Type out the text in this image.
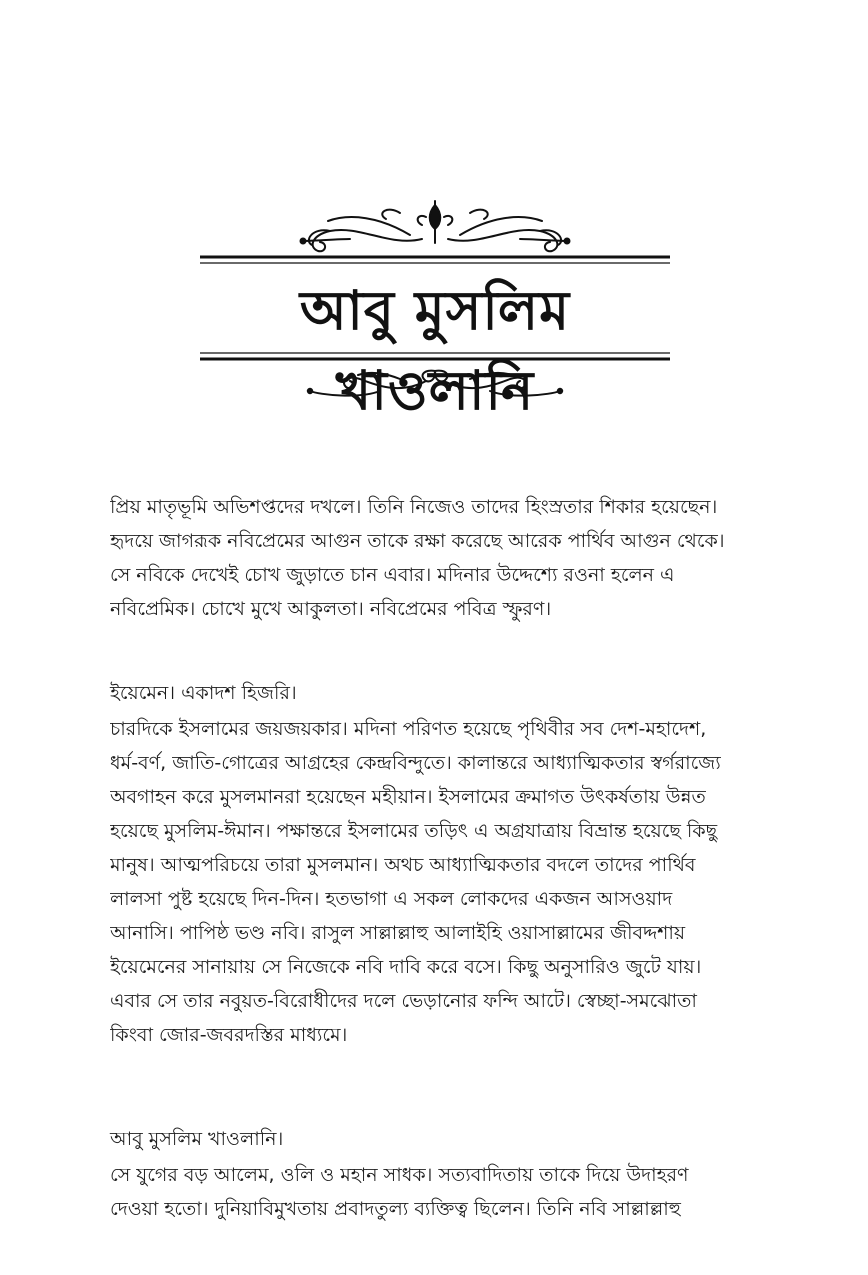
আবু মুসলিম খাওলানি
প্রিয় মাতৃভূমি অভিশপ্তদের দখলে। তিনি নিজেও তাদের হিংস্রতার শিকার হয়েছেন।
হৃদয়ে জাগরূক নবিপ্রেমের আগুন তাকে রক্ষা করেছে আরেক পার্থিব আগুন থেকে।
সে নবিকে দেখেই চোখ জুড়াতে চান এবার। মদিনার উদ্দেশ্যে রওনা হলেন এ
নবিপ্রেমিক। চোখে মুখে আকুলতা। নবিপ্রেমের পবিত্র স্ফুরণ।
ইয়েমেন। একাদশ হিজরি।
চারদিকে ইসলামের জয়জয়কার। মদিনা পরিণত হয়েছে পৃথিবীর সব দেশ-মহাদেশ,
ধর্ম-বর্ণ, জাতি-গোত্রের আগ্রহের কেন্দ্রবিন্দুতে। কালান্তরে আধ্যাত্মিকতার স্বর্গরাজ্যে
অবগাহন করে মুসলমানরা হয়েছেন মহীয়ান। ইসলামের ক্রমাগত উৎকর্ষতায় উন্নত
হয়েছে মুসলিম-ঈমান। পক্ষান্তরে ইসলামের তড়িৎ এ অগ্রযাত্রায় বিভ্রান্ত হয়েছে কিছু
মানুষ। আত্মপরিচয়ে তারা মুসলমান। অথচ আধ্যাত্মিকতার বদলে তাদের পার্থিব
লালসা পুষ্ট হয়েছে দিন-দিন। হতভাগা এ সকল লোকদের একজন আসওয়াদ
আনাসি। পাপিষ্ঠ ভণ্ড নবি। রাসুল সাল্লাল্লাহু আলাইহি ওয়াসাল্লামের জীবদ্দশায়
ইয়েমেনের সানায়ায় সে নিজেকে নবি দাবি করে বসে। কিছু অনুসারিও জুটে যায়।
এবার সে তার নবুয়ত-বিরোধীদের দলে ভেড়ানোর ফন্দি আটে। স্বেচ্ছা-সমঝোতা
কিংবা জোর-জবরদস্তির মাধ্যমে।
আবু মুসলিম খাওলানি।
সে যুগের বড় আলেম, ওলি ও মহান সাধক। সত্যবাদিতায় তাকে দিয়ে উদাহরণ
দেওয়া হতো। দুনিয়াবিমুখতায় প্রবাদতুল্য ব্যক্তিত্ব ছিলেন। তিনি নবি সাল্লাল্লাহু
